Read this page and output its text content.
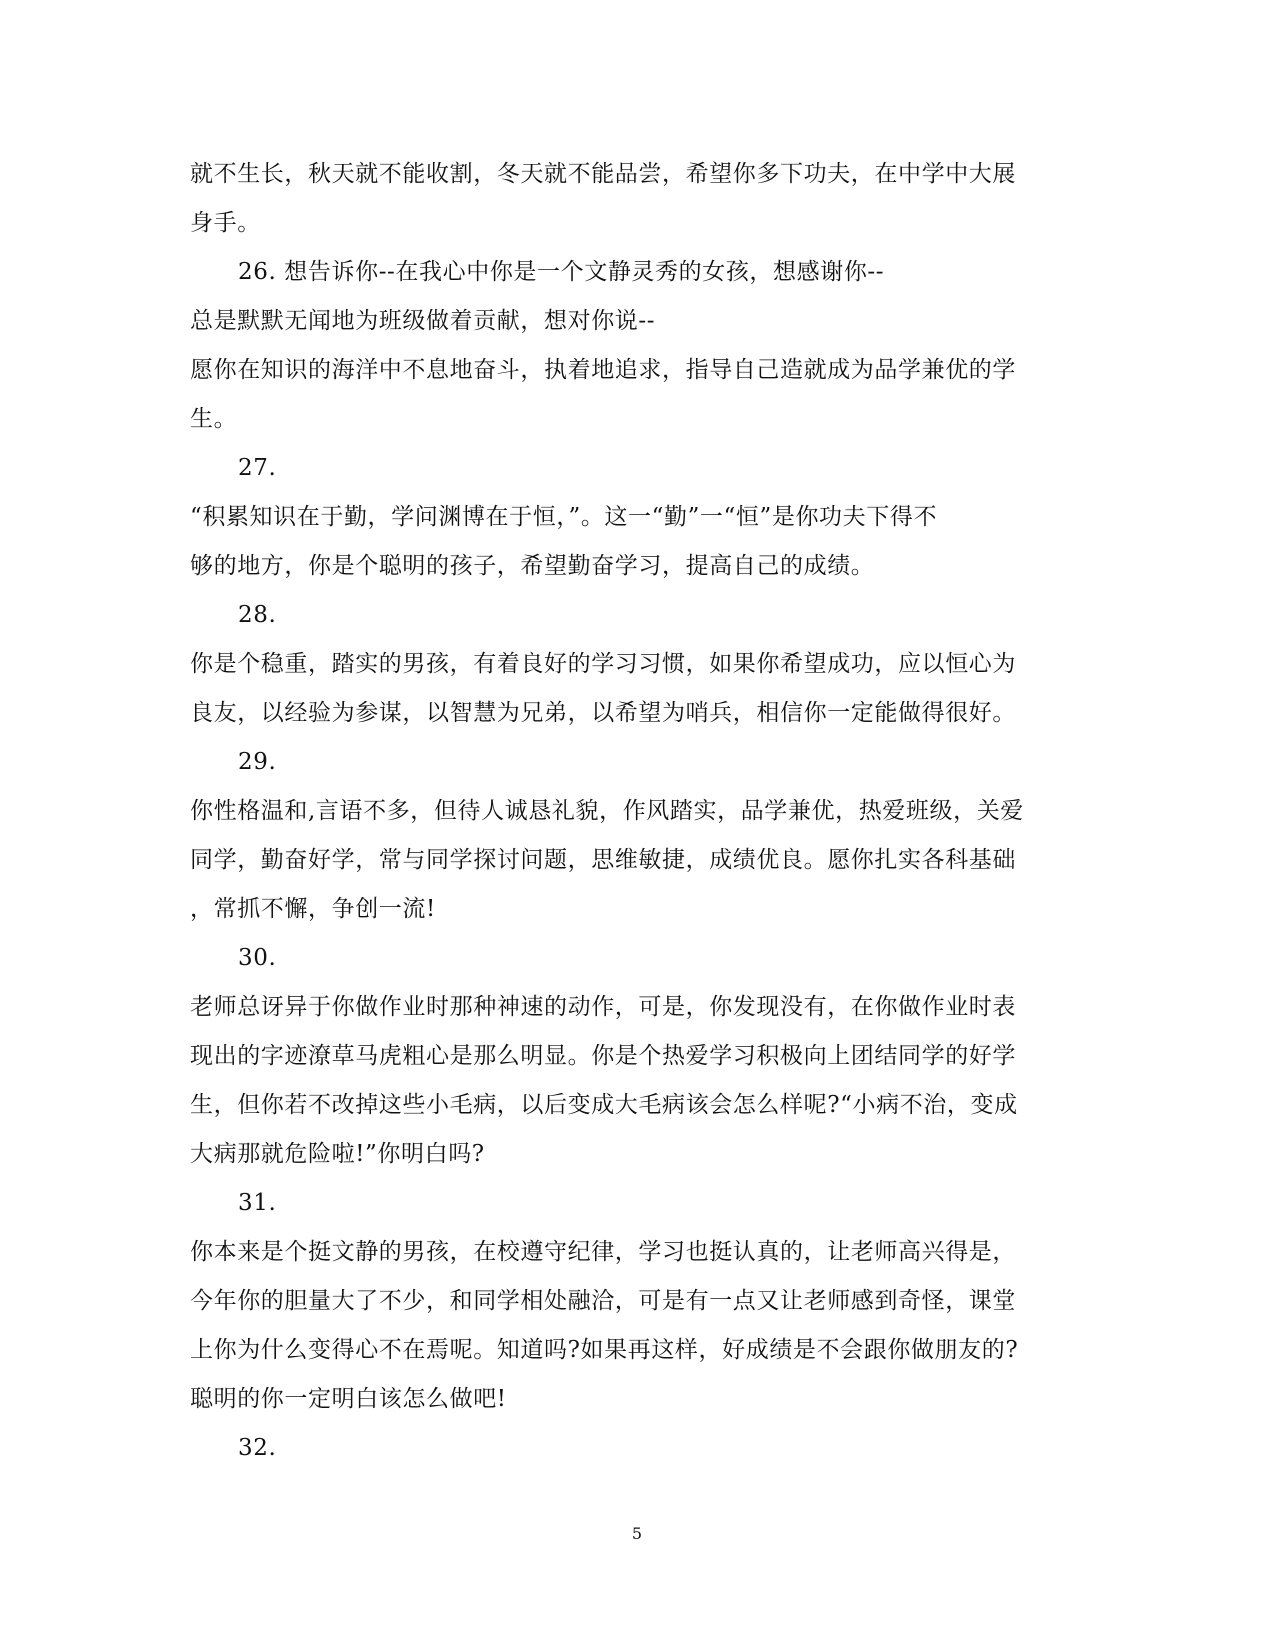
就不生长，秋天就不能收割，冬天就不能品尝，希望你多下功夫，在中学中大展
身手。
26. 想告诉你--在我心中你是一个文静灵秀的女孩，想感谢你--
总是默默无闻地为班级做着贡献，想对你说--
愿你在知识的海洋中不息地奋斗，执着地追求，指导自己造就成为品学兼优的学
生。
27.
“积累知识在于勤，学问渊博在于恒，”。这一“勤”一“恒”是你功夫下得不
够的地方，你是个聪明的孩子，希望勤奋学习，提高自己的成绩。
28.
你是个稳重，踏实的男孩，有着良好的学习习惯，如果你希望成功，应以恒心为
良友，以经验为参谋，以智慧为兄弟，以希望为哨兵，相信你一定能做得很好。
29.
你性格温和,言语不多，但待人诚恳礼貌，作风踏实，品学兼优，热爱班级，关爱
同学，勤奋好学，常与同学探讨问题，思维敏捷，成绩优良。愿你扎实各科基础
，常抓不懈，争创一流!
30.
老师总讶异于你做作业时那种神速的动作，可是，你发现没有，在你做作业时表
现出的字迹潦草马虎粗心是那么明显。你是个热爱学习积极向上团结同学的好学
生，但你若不改掉这些小毛病，以后变成大毛病该会怎么样呢?“小病不治，变成
大病那就危险啦!”你明白吗?
31.
你本来是个挺文静的男孩，在校遵守纪律，学习也挺认真的，让老师高兴得是，
今年你的胆量大了不少，和同学相处融洽，可是有一点又让老师感到奇怪，课堂
上你为什么变得心不在焉呢。知道吗?如果再这样，好成绩是不会跟你做朋友的?
聪明的你一定明白该怎么做吧!
32.
5
